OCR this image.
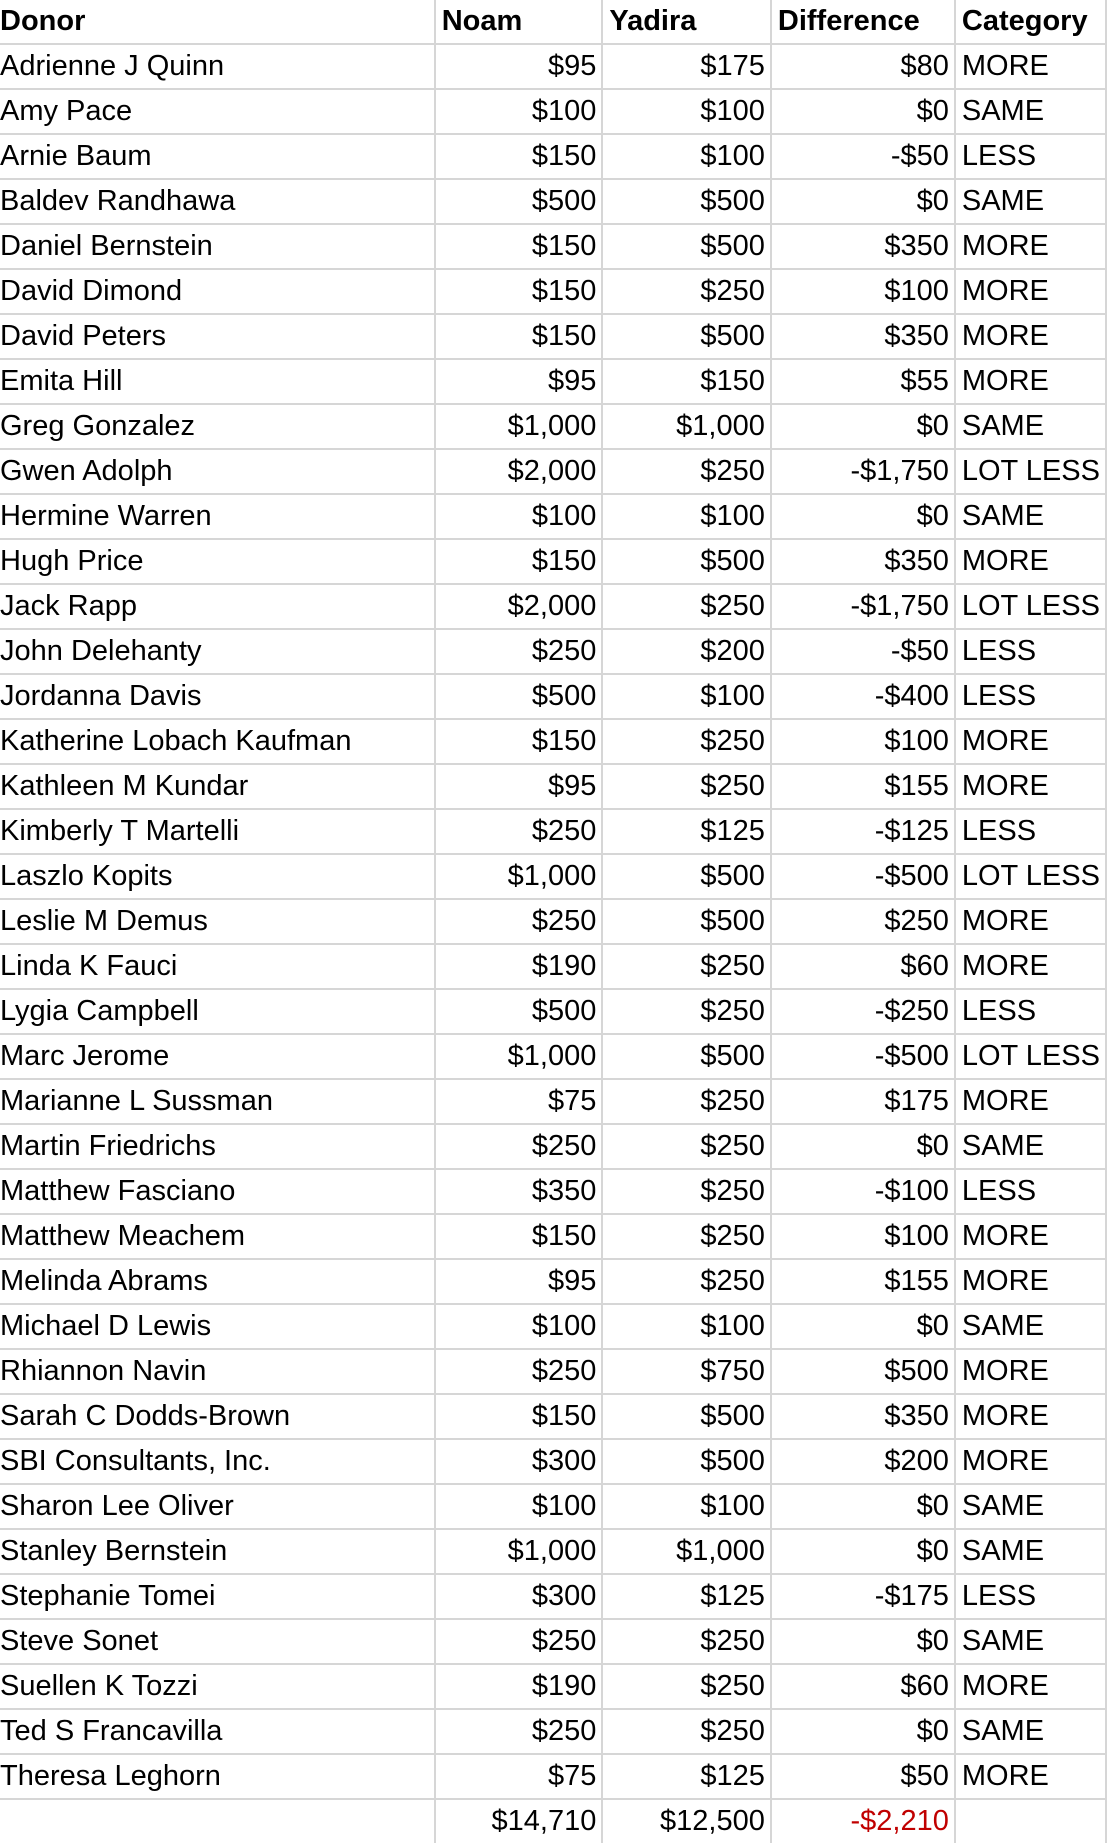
Donor	Noam	Yadira	Difference	Category
Adrienne J Quinn	$95	$175	$80	MORE
Amy Pace	$100	$100	$0	SAME
Arnie Baum	$150	$100	-$50	LESS
Baldev Randhawa	$500	$500	$0	SAME
Daniel Bernstein	$150	$500	$350	MORE
David Dimond	$150	$250	$100	MORE
David Peters	$150	$500	$350	MORE
Emita Hill	$95	$150	$55	MORE
Greg Gonzalez	$1,000	$1,000	$0	SAME
Gwen Adolph	$2,000	$250	-$1,750	LOT LESS
Hermine Warren	$100	$100	$0	SAME
Hugh Price	$150	$500	$350	MORE
Jack Rapp	$2,000	$250	-$1,750	LOT LESS
John Delehanty	$250	$200	-$50	LESS
Jordanna Davis	$500	$100	-$400	LESS
Katherine Lobach Kaufman	$150	$250	$100	MORE
Kathleen M Kundar	$95	$250	$155	MORE
Kimberly T Martelli	$250	$125	-$125	LESS
Laszlo Kopits	$1,000	$500	-$500	LOT LESS
Leslie M Demus	$250	$500	$250	MORE
Linda K Fauci	$190	$250	$60	MORE
Lygia Campbell	$500	$250	-$250	LESS
Marc Jerome	$1,000	$500	-$500	LOT LESS
Marianne L Sussman	$75	$250	$175	MORE
Martin Friedrichs	$250	$250	$0	SAME
Matthew Fasciano	$350	$250	-$100	LESS
Matthew Meachem	$150	$250	$100	MORE
Melinda Abrams	$95	$250	$155	MORE
Michael D Lewis	$100	$100	$0	SAME
Rhiannon Navin	$250	$750	$500	MORE
Sarah C Dodds-Brown	$150	$500	$350	MORE
SBI Consultants, Inc.	$300	$500	$200	MORE
Sharon Lee Oliver	$100	$100	$0	SAME
Stanley Bernstein	$1,000	$1,000	$0	SAME
Stephanie Tomei	$300	$125	-$175	LESS
Steve Sonet	$250	$250	$0	SAME
Suellen K Tozzi	$190	$250	$60	MORE
Ted S Francavilla	$250	$250	$0	SAME
Theresa Leghorn	$75	$125	$50	MORE
	$14,710	$12,500	-$2,210	
